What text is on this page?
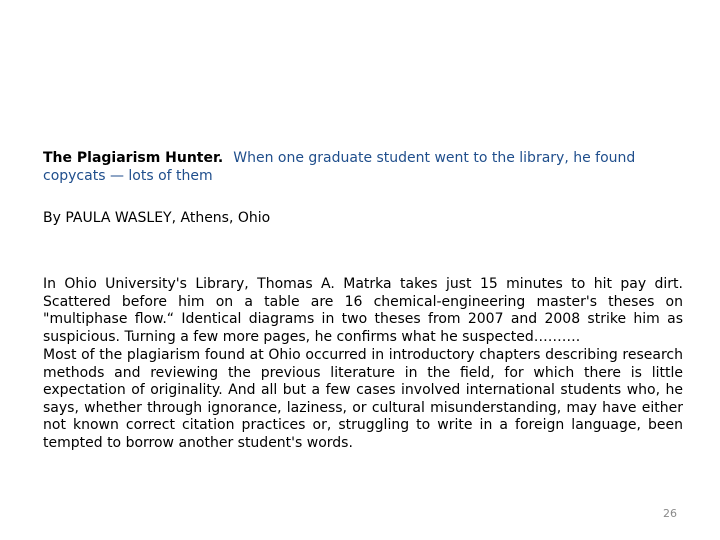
The Plagiarism Hunter. When one graduate student went to the library, he found
copycats — lots of them

By PAULA WASLEY, Athens, Ohio

In Ohio University's Library, Thomas A. Matrka takes just 15 minutes to hit pay dirt. Scattered before him on a table are 16 chemical-engineering master's theses on "multiphase flow.“ Identical diagrams in two theses from 2007 and 2008 strike him as suspicious. Turning a few more pages, he confirms what he suspected……….

Most of the plagiarism found at Ohio occurred in introductory chapters describing research methods and reviewing the previous literature in the field, for which there is little expectation of originality. And all but a few cases involved international students who, he says, whether through ignorance, laziness, or cultural misunderstanding, may have either not known correct citation practices or, struggling to write in a foreign language, been tempted to borrow another student's words.

26
